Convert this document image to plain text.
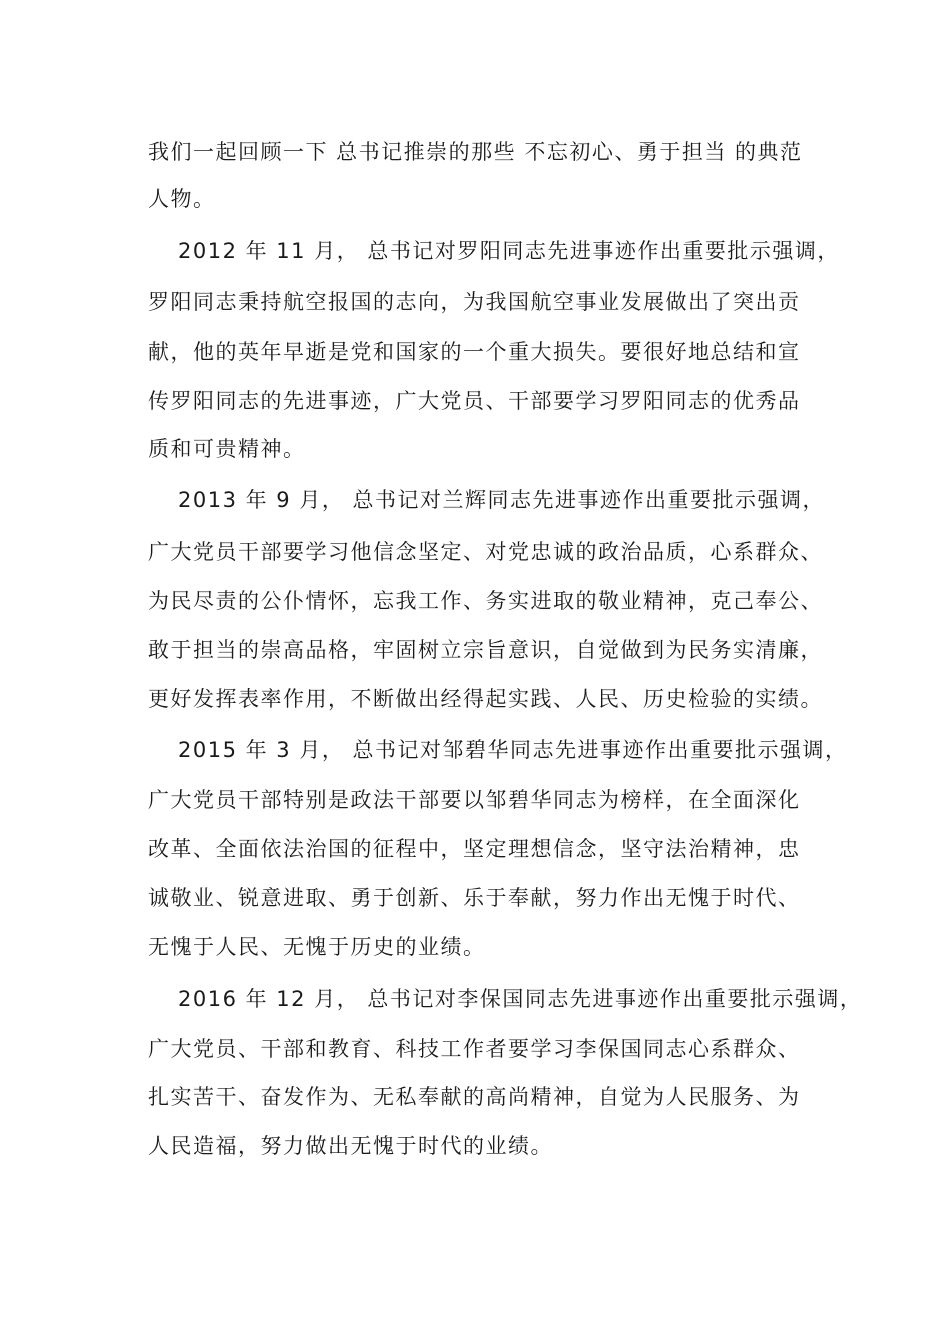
我们一起回顾一下 总书记推崇的那些 不忘初心、勇于担当 的典范
人物。
2012 年 11 月， 总书记对罗阳同志先进事迹作出重要批示强调，
罗阳同志秉持航空报国的志向，为我国航空事业发展做出了突出贡
献，他的英年早逝是党和国家的一个重大损失。要很好地总结和宣
传罗阳同志的先进事迹，广大党员、干部要学习罗阳同志的优秀品
质和可贵精神。
2013 年 9 月， 总书记对兰辉同志先进事迹作出重要批示强调，
广大党员干部要学习他信念坚定、对党忠诚的政治品质，心系群众、
为民尽责的公仆情怀，忘我工作、务实进取的敬业精神，克己奉公、
敢于担当的崇高品格，牢固树立宗旨意识，自觉做到为民务实清廉，
更好发挥表率作用，不断做出经得起实践、人民、历史检验的实绩。
2015 年 3 月， 总书记对邹碧华同志先进事迹作出重要批示强调，
广大党员干部特别是政法干部要以邹碧华同志为榜样，在全面深化
改革、全面依法治国的征程中，坚定理想信念，坚守法治精神，忠
诚敬业、锐意进取、勇于创新、乐于奉献，努力作出无愧于时代、
无愧于人民、无愧于历史的业绩。
2016 年 12 月， 总书记对李保国同志先进事迹作出重要批示强调，
广大党员、干部和教育、科技工作者要学习李保国同志心系群众、
扎实苦干、奋发作为、无私奉献的高尚精神，自觉为人民服务、为
人民造福，努力做出无愧于时代的业绩。
